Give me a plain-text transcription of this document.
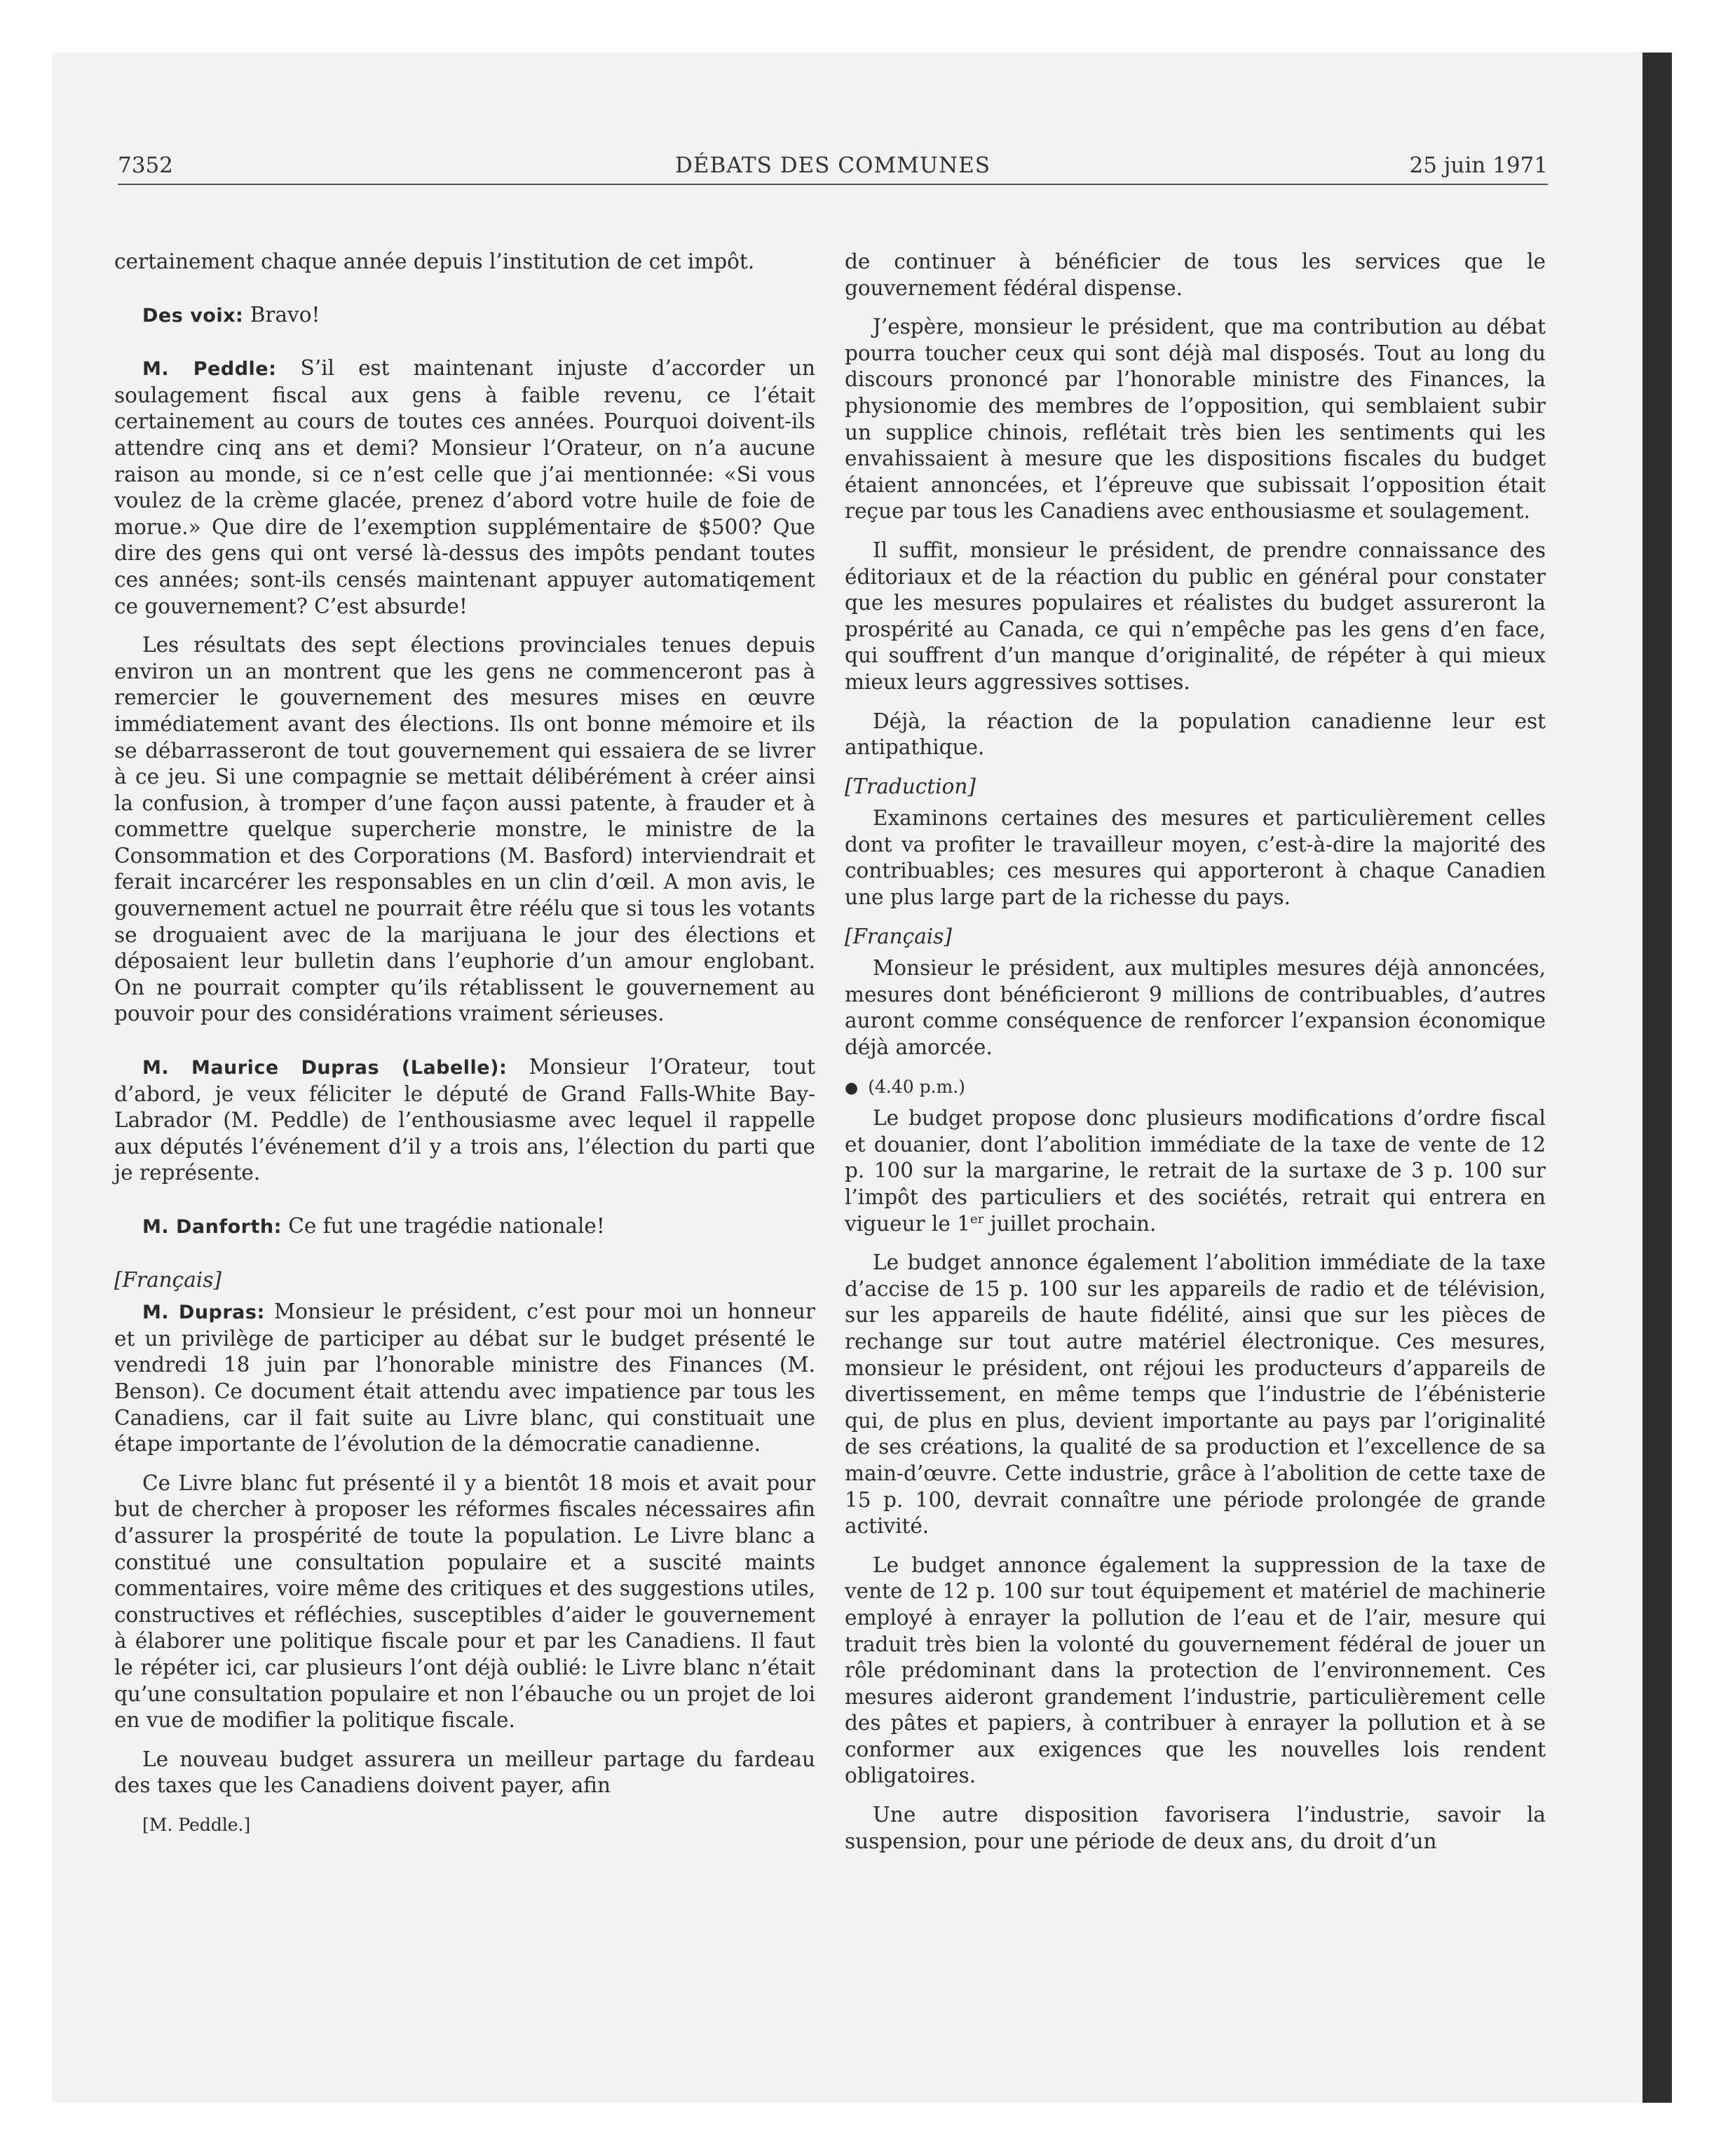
7352	DÉBATS DES COMMUNES	25 juin 1971

certainement chaque année depuis l’institution de cet impôt.

Des voix: Bravo!

M. Peddle: S’il est maintenant injuste d’accorder un soulagement fiscal aux gens à faible revenu, ce l’était certainement au cours de toutes ces années. Pourquoi doivent-ils attendre cinq ans et demi? Monsieur l’Orateur, on n’a aucune raison au monde, si ce n’est celle que j’ai mentionnée: «Si vous voulez de la crème glacée, prenez d’abord votre huile de foie de morue.» Que dire de l’exemption supplémentaire de $500? Que dire des gens qui ont versé là-dessus des impôts pendant toutes ces années; sont-ils censés maintenant appuyer automatiqement ce gouvernement? C’est absurde!

Les résultats des sept élections provinciales tenues depuis environ un an montrent que les gens ne commenceront pas à remercier le gouvernement des mesures mises en œuvre immédiatement avant des élections. Ils ont bonne mémoire et ils se débarrasseront de tout gouvernement qui essaiera de se livrer à ce jeu. Si une compagnie se mettait délibérément à créer ainsi la confusion, à tromper d’une façon aussi patente, à frauder et à commettre quelque supercherie monstre, le ministre de la Consommation et des Corporations (M. Basford) interviendrait et ferait incarcérer les responsables en un clin d’œil. A mon avis, le gouvernement actuel ne pourrait être réélu que si tous les votants se droguaient avec de la marijuana le jour des élections et déposaient leur bulletin dans l’euphorie d’un amour englobant. On ne pourrait compter qu’ils rétablissent le gouvernement au pouvoir pour des considérations vraiment sérieuses.

M. Maurice Dupras (Labelle): Monsieur l’Orateur, tout d’abord, je veux féliciter le député de Grand Falls-White Bay-Labrador (M. Peddle) de l’enthousiasme avec lequel il rappelle aux députés l’événement d’il y a trois ans, l’élection du parti que je représente.

M. Danforth: Ce fut une tragédie nationale!

[Français]

M. Dupras: Monsieur le président, c’est pour moi un honneur et un privilège de participer au débat sur le budget présenté le vendredi 18 juin par l’honorable ministre des Finances (M. Benson). Ce document était attendu avec impatience par tous les Canadiens, car il fait suite au Livre blanc, qui constituait une étape importante de l’évolution de la démocratie canadienne.

Ce Livre blanc fut présenté il y a bientôt 18 mois et avait pour but de chercher à proposer les réformes fiscales nécessaires afin d’assurer la prospérité de toute la population. Le Livre blanc a constitué une consultation populaire et a suscité maints commentaires, voire même des critiques et des suggestions utiles, constructives et réfléchies, susceptibles d’aider le gouvernement à élaborer une politique fiscale pour et par les Canadiens. Il faut le répéter ici, car plusieurs l’ont déjà oublié: le Livre blanc n’était qu’une consultation populaire et non l’ébauche ou un projet de loi en vue de modifier la politique fiscale.

Le nouveau budget assurera un meilleur partage du fardeau des taxes que les Canadiens doivent payer, afin

[M. Peddle.]

de continuer à bénéficier de tous les services que le gouvernement fédéral dispense.

J’espère, monsieur le président, que ma contribution au débat pourra toucher ceux qui sont déjà mal disposés. Tout au long du discours prononcé par l’honorable ministre des Finances, la physionomie des membres de l’opposition, qui semblaient subir un supplice chinois, reflétait très bien les sentiments qui les envahissaient à mesure que les dispositions fiscales du budget étaient annoncées, et l’épreuve que subissait l’opposition était reçue par tous les Canadiens avec enthousiasme et soulagement.

Il suffit, monsieur le président, de prendre connaissance des éditoriaux et de la réaction du public en général pour constater que les mesures populaires et réalistes du budget assureront la prospérité au Canada, ce qui n’empêche pas les gens d’en face, qui souffrent d’un manque d’originalité, de répéter à qui mieux mieux leurs aggressives sottises.

Déjà, la réaction de la population canadienne leur est antipathique.

[Traduction]

Examinons certaines des mesures et particulièrement celles dont va profiter le travailleur moyen, c’est-à-dire la majorité des contribuables; ces mesures qui apporteront à chaque Canadien une plus large part de la richesse du pays.

[Français]

Monsieur le président, aux multiples mesures déjà annoncées, mesures dont bénéficieront 9 millions de contribuables, d’autres auront comme conséquence de renforcer l’expansion économique déjà amorcée.

● (4.40 p.m.)

Le budget propose donc plusieurs modifications d’ordre fiscal et douanier, dont l’abolition immédiate de la taxe de vente de 12 p. 100 sur la margarine, le retrait de la surtaxe de 3 p. 100 sur l’impôt des particuliers et des sociétés, retrait qui entrera en vigueur le 1er juillet prochain.

Le budget annonce également l’abolition immédiate de la taxe d’accise de 15 p. 100 sur les appareils de radio et de télévision, sur les appareils de haute fidélité, ainsi que sur les pièces de rechange sur tout autre matériel électronique. Ces mesures, monsieur le président, ont réjoui les producteurs d’appareils de divertissement, en même temps que l’industrie de l’ébénisterie qui, de plus en plus, devient importante au pays par l’originalité de ses créations, la qualité de sa production et l’excellence de sa main-d’œuvre. Cette industrie, grâce à l’abolition de cette taxe de 15 p. 100, devrait connaître une période prolongée de grande activité.

Le budget annonce également la suppression de la taxe de vente de 12 p. 100 sur tout équipement et matériel de machinerie employé à enrayer la pollution de l’eau et de l’air, mesure qui traduit très bien la volonté du gouvernement fédéral de jouer un rôle prédominant dans la protection de l’environnement. Ces mesures aideront grandement l’industrie, particulièrement celle des pâtes et papiers, à contribuer à enrayer la pollution et à se conformer aux exigences que les nouvelles lois rendent obligatoires.

Une autre disposition favorisera l’industrie, savoir la suspension, pour une période de deux ans, du droit d’un
